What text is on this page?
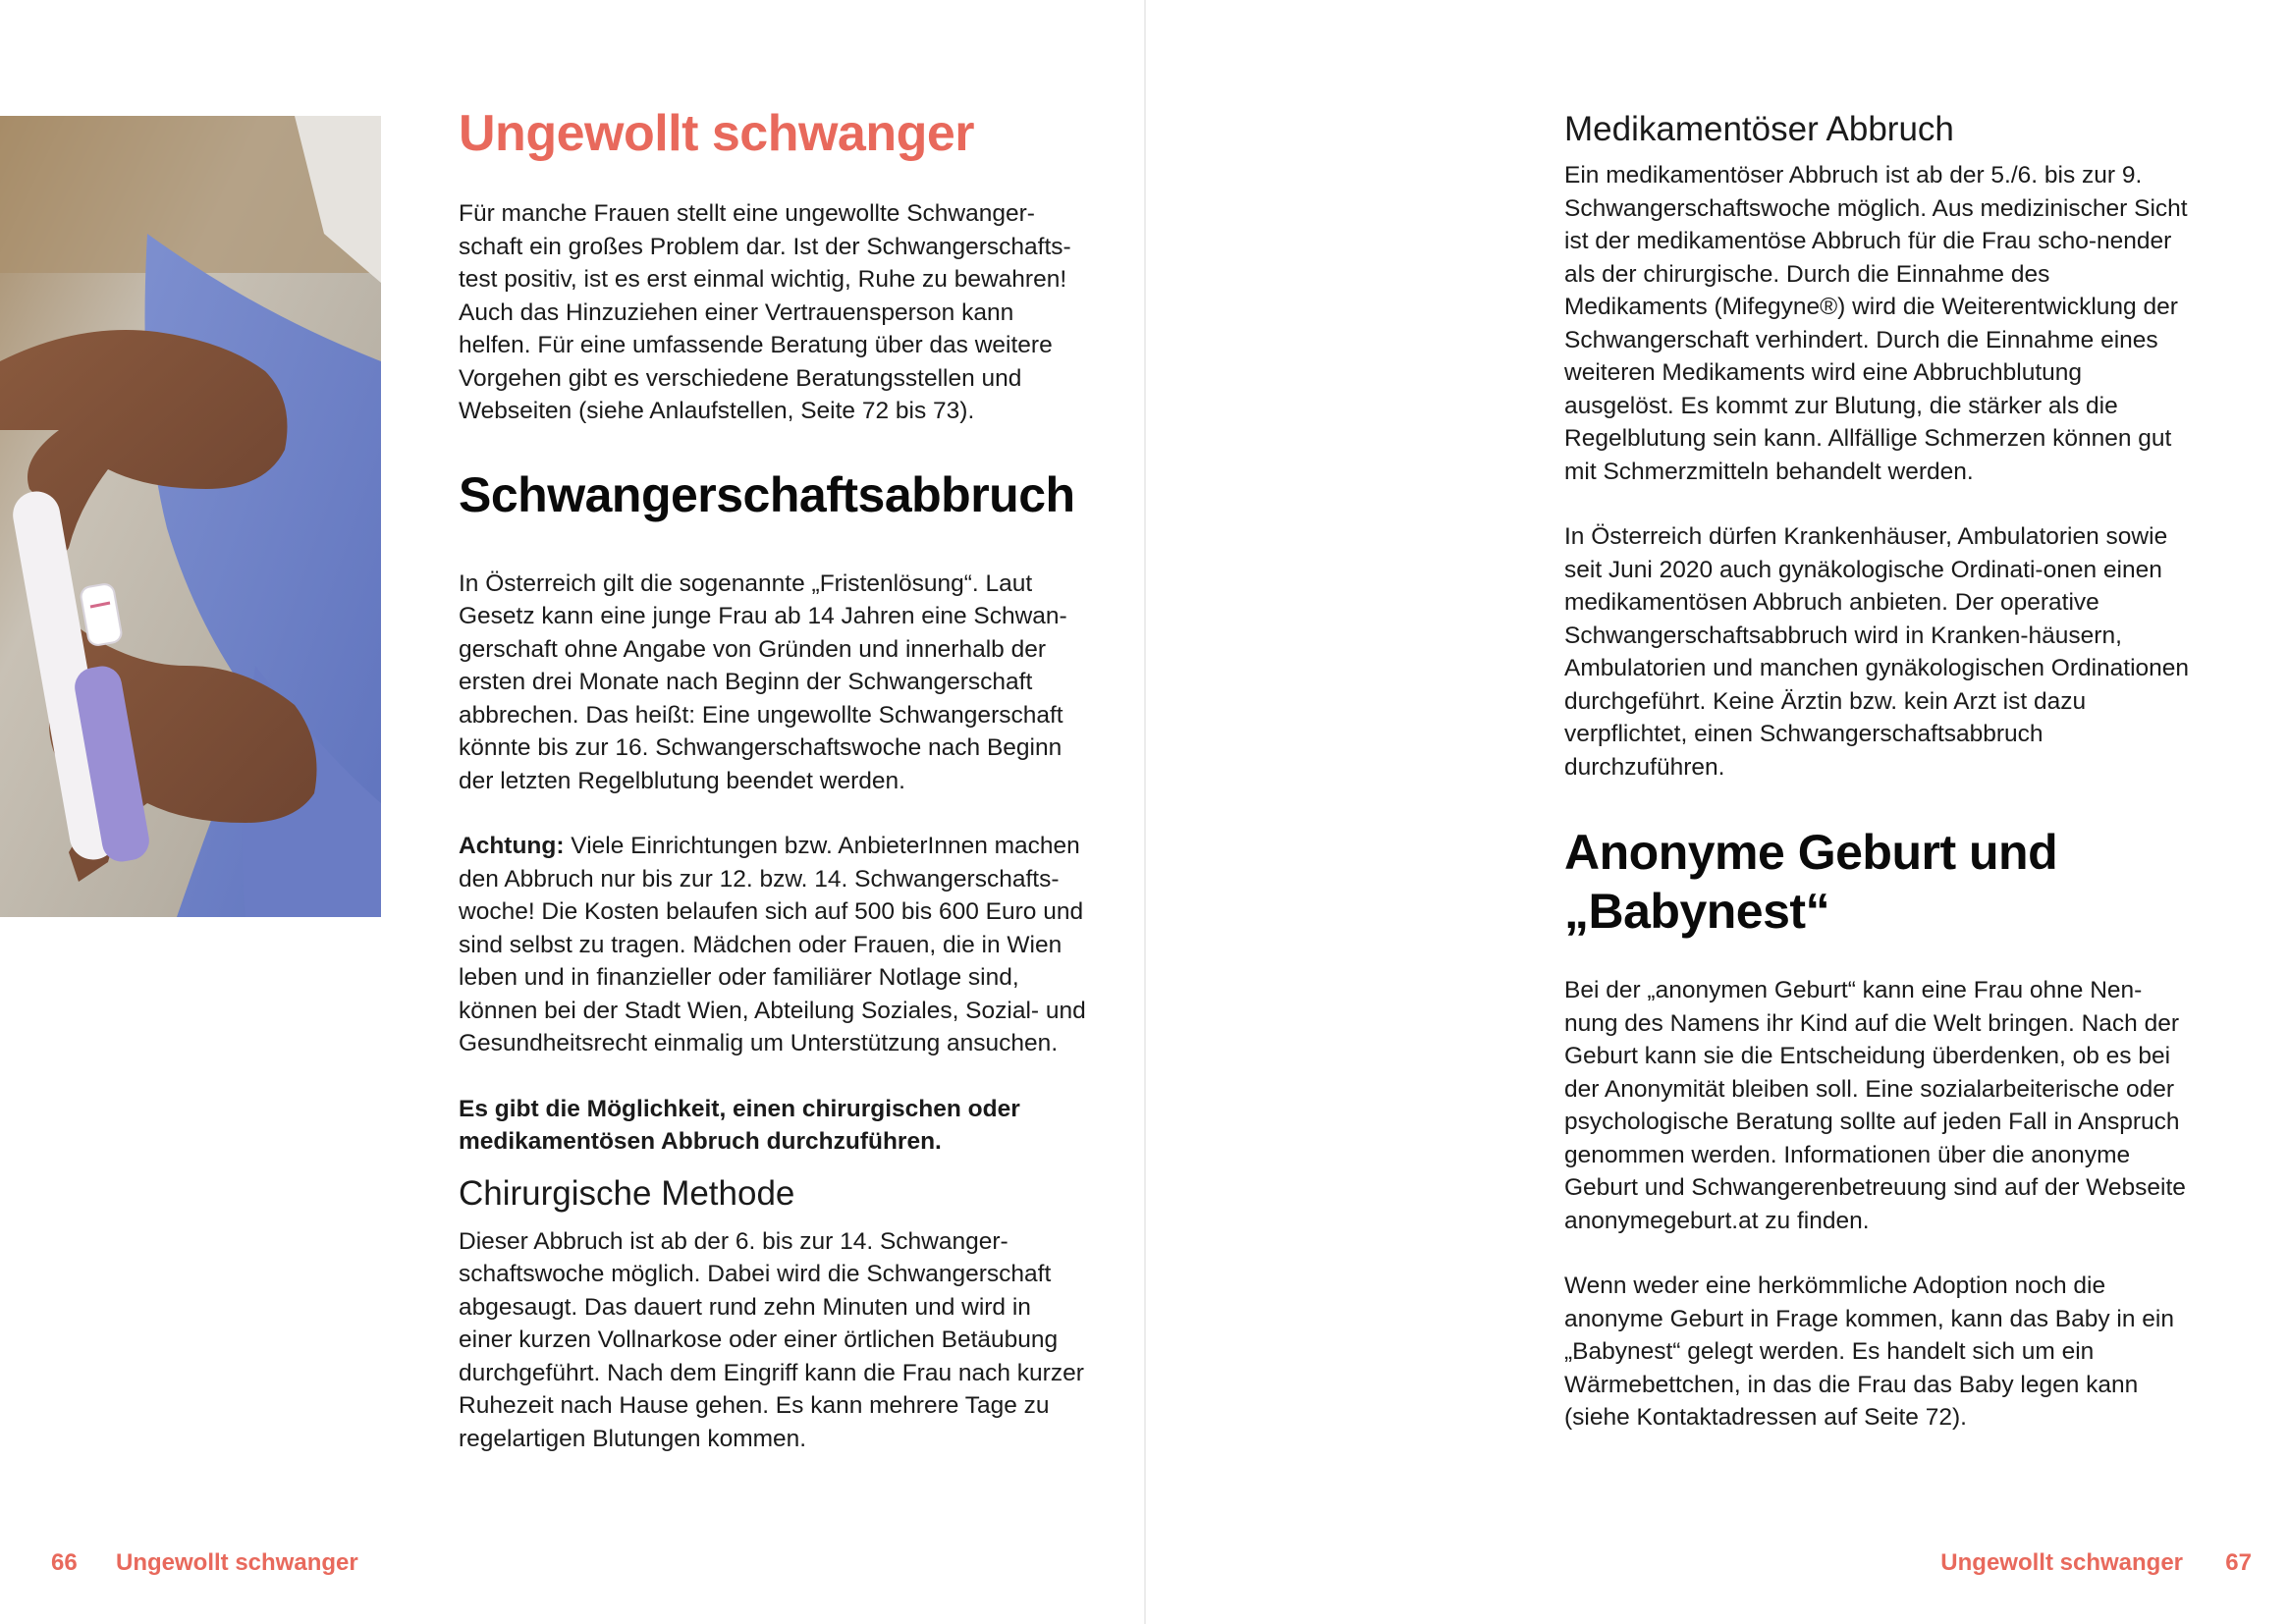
Ungewollt schwanger

Für manche Frauen stellt eine ungewollte Schwanger-schaft ein großes Problem dar. Ist der Schwangerschafts-test positiv, ist es erst einmal wichtig, Ruhe zu bewahren! Auch das Hinzuziehen einer Vertrauensperson kann helfen. Für eine umfassende Beratung über das weitere Vorgehen gibt es verschiedene Beratungsstellen und Webseiten (siehe Anlaufstellen, Seite 72 bis 73).

Schwangerschaftsabbruch

In Österreich gilt die sogenannte „Fristenlösung“. Laut Gesetz kann eine junge Frau ab 14 Jahren eine Schwan-gerschaft ohne Angabe von Gründen und innerhalb der ersten drei Monate nach Beginn der Schwangerschaft abbrechen. Das heißt: Eine ungewollte Schwangerschaft könnte bis zur 16. Schwangerschaftswoche nach Beginn der letzten Regelblutung beendet werden.

Achtung: Viele Einrichtungen bzw. AnbieterInnen machen den Abbruch nur bis zur 12. bzw. 14. Schwangerschafts-woche! Die Kosten belaufen sich auf 500 bis 600 Euro und sind selbst zu tragen. Mädchen oder Frauen, die in Wien leben und in finanzieller oder familiärer Notlage sind, können bei der Stadt Wien, Abteilung Soziales, Sozial- und Gesundheitsrecht einmalig um Unterstützung ansuchen.

Es gibt die Möglichkeit, einen chirurgischen oder medikamentösen Abbruch durchzuführen.

Chirurgische Methode

Dieser Abbruch ist ab der 6. bis zur 14. Schwanger-schaftswoche möglich. Dabei wird die Schwangerschaft abgesaugt. Das dauert rund zehn Minuten und wird in einer kurzen Vollnarkose oder einer örtlichen Betäubung durchgeführt. Nach dem Eingriff kann die Frau nach kurzer Ruhezeit nach Hause gehen. Es kann mehrere Tage zu regelartigen Blutungen kommen.

66 Ungewollt schwanger	Ungewollt schwanger 67
Medikamentöser Abbruch

Ein medikamentöser Abbruch ist ab der 5./6. bis zur 9. Schwangerschaftswoche möglich. Aus medizinischer Sicht ist der medikamentöse Abbruch für die Frau scho-nender als der chirurgische. Durch die Einnahme des Medikaments (Mifegyne®) wird die Weiterentwicklung der Schwangerschaft verhindert. Durch die Einnahme eines weiteren Medikaments wird eine Abbruchblutung ausgelöst. Es kommt zur Blutung, die stärker als die Regelblutung sein kann. Allfällige Schmerzen können gut mit Schmerzmitteln behandelt werden.

In Österreich dürfen Krankenhäuser, Ambulatorien sowie seit Juni 2020 auch gynäkologische Ordinati-onen einen medikamentösen Abbruch anbieten. Der operative Schwangerschaftsabbruch wird in Kranken-häusern, Ambulatorien und manchen gynäkologischen Ordinationen durchgeführt. Keine Ärztin bzw. kein Arzt ist dazu verpflichtet, einen Schwangerschaftsabbruch durchzuführen.

Anonyme Geburt und
„Babynest“

Bei der „anonymen Geburt“ kann eine Frau ohne Nen-nung des Namens ihr Kind auf die Welt bringen. Nach der Geburt kann sie die Entscheidung überdenken, ob es bei der Anonymität bleiben soll. Eine sozialarbeiterische oder psychologische Beratung sollte auf jeden Fall in Anspruch genommen werden. Informationen über die anonyme Geburt und Schwangerenbetreuung sind auf der Webseite anonymegeburt.at zu finden.

Wenn weder eine herkömmliche Adoption noch die anonyme Geburt in Frage kommen, kann das Baby in ein „Babynest“ gelegt werden. Es handelt sich um ein Wärmebettchen, in das die Frau das Baby legen kann (siehe Kontaktadressen auf Seite 72).
